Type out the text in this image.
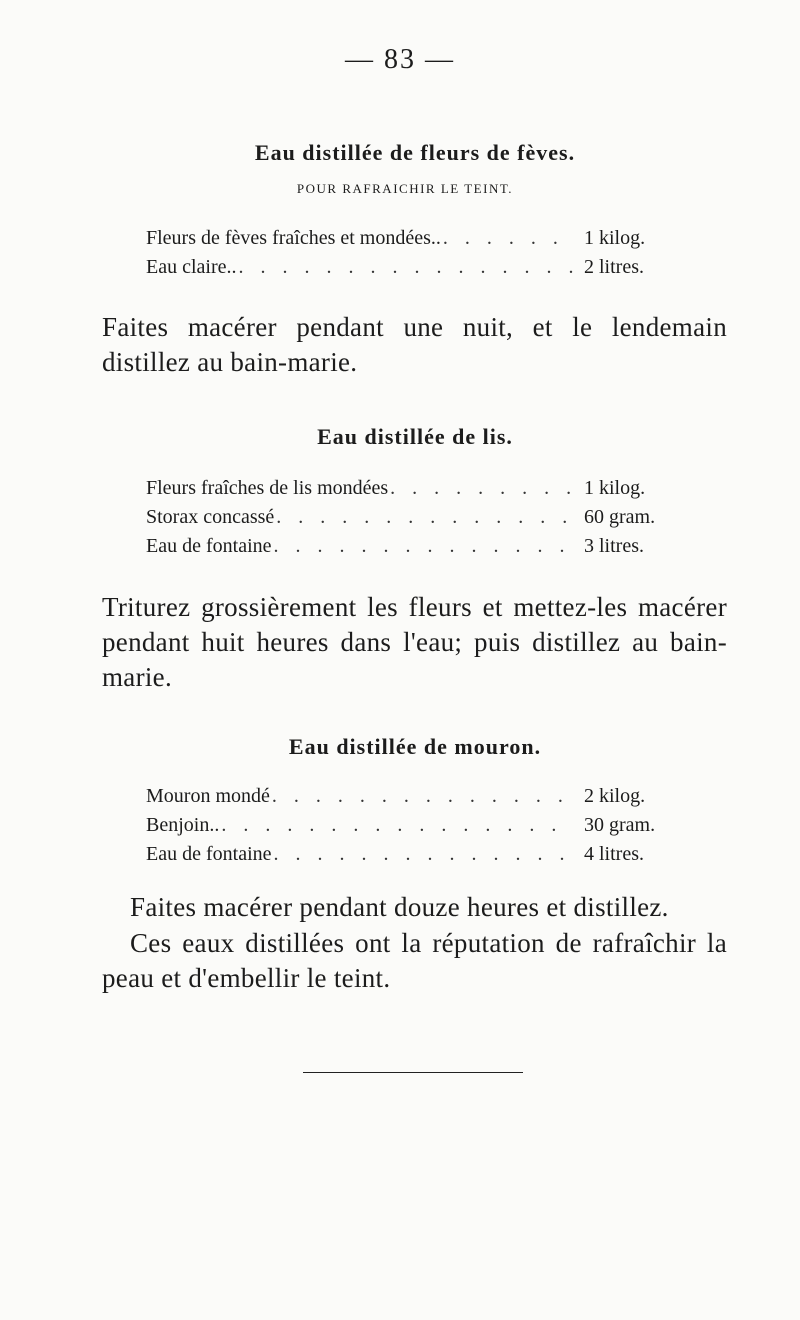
— 83 —
Eau distillée de fleurs de fèves.
POUR RAFRAICHIR LE TEINT.
Fleurs de fèves fraîches et mondées.. . . .	1 kilog.
Eau claire.. . . .	2 litres.
Faites macérer pendant une nuit, et le lendemain distillez au bain-marie.
Eau distillée de lis.
Fleurs fraîches de lis mondées . . .	1 kilog.
Storax concassé . . .	60 gram.
Eau de fontaine . . .	3 litres.
Triturez grossièrement les fleurs et mettez-les macérer pendant huit heures dans l'eau; puis distillez au bain-marie.
Eau distillée de mouron.
Mouron mondé . . .	2 kilog.
Benjoin.. . . .	30 gram.
Eau de fontaine . . .	4 litres.
Faites macérer pendant douze heures et distillez.
Ces eaux distillées ont la réputation de rafraîchir la peau et d'embellir le teint.
